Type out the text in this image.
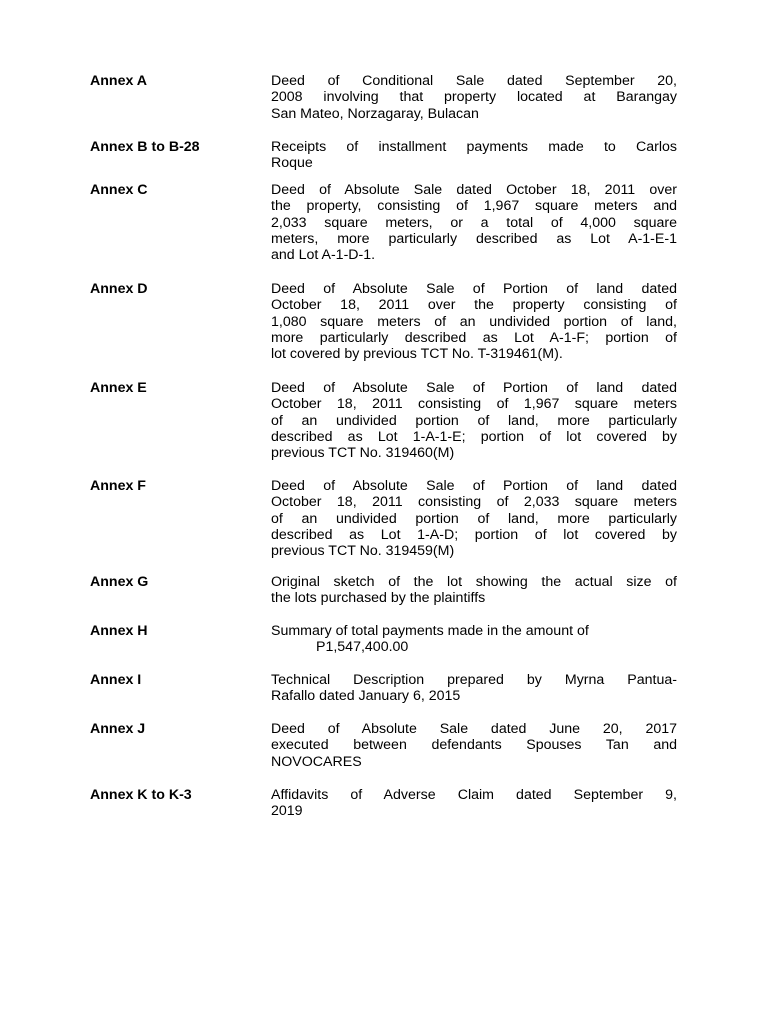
Annex A	Deed of Conditional Sale dated September 20,
2008 involving that property located at Barangay
San Mateo, Norzagaray, Bulacan
Annex B to B-28	Receipts of installment payments made to Carlos
Roque
Annex C	Deed of Absolute Sale dated October 18, 2011 over
the property, consisting of 1,967 square meters and
2,033 square meters, or a total of 4,000 square
meters, more particularly described as Lot A-1-E-1
and Lot A-1-D-1.
Annex D	Deed of Absolute Sale of Portion of land dated
October 18, 2011 over the property consisting of
1,080 square meters of an undivided portion of land,
more particularly described as Lot A-1-F; portion of
lot covered by previous TCT No. T-319461(M).
Annex E	Deed of Absolute Sale of Portion of land dated
October 18, 2011 consisting of 1,967 square meters
of an undivided portion of land, more particularly
described as Lot 1-A-1-E; portion of lot covered by
previous TCT No. 319460(M)
Annex F	Deed of Absolute Sale of Portion of land dated
October 18, 2011 consisting of 2,033 square meters
of an undivided portion of land, more particularly
described as Lot 1-A-D; portion of lot covered by
previous TCT No. 319459(M)
Annex G	Original sketch of the lot showing the actual size of
the lots purchased by the plaintiffs
Annex H	Summary of total payments made in the amount of
P1,547,400.00
Annex I	Technical Description prepared by Myrna Pantua-
Rafallo dated January 6, 2015
Annex J	Deed of Absolute Sale dated June 20, 2017
executed between defendants Spouses Tan and
NOVOCARES
Annex K to K-3	Affidavits of Adverse Claim dated September 9,
2019
